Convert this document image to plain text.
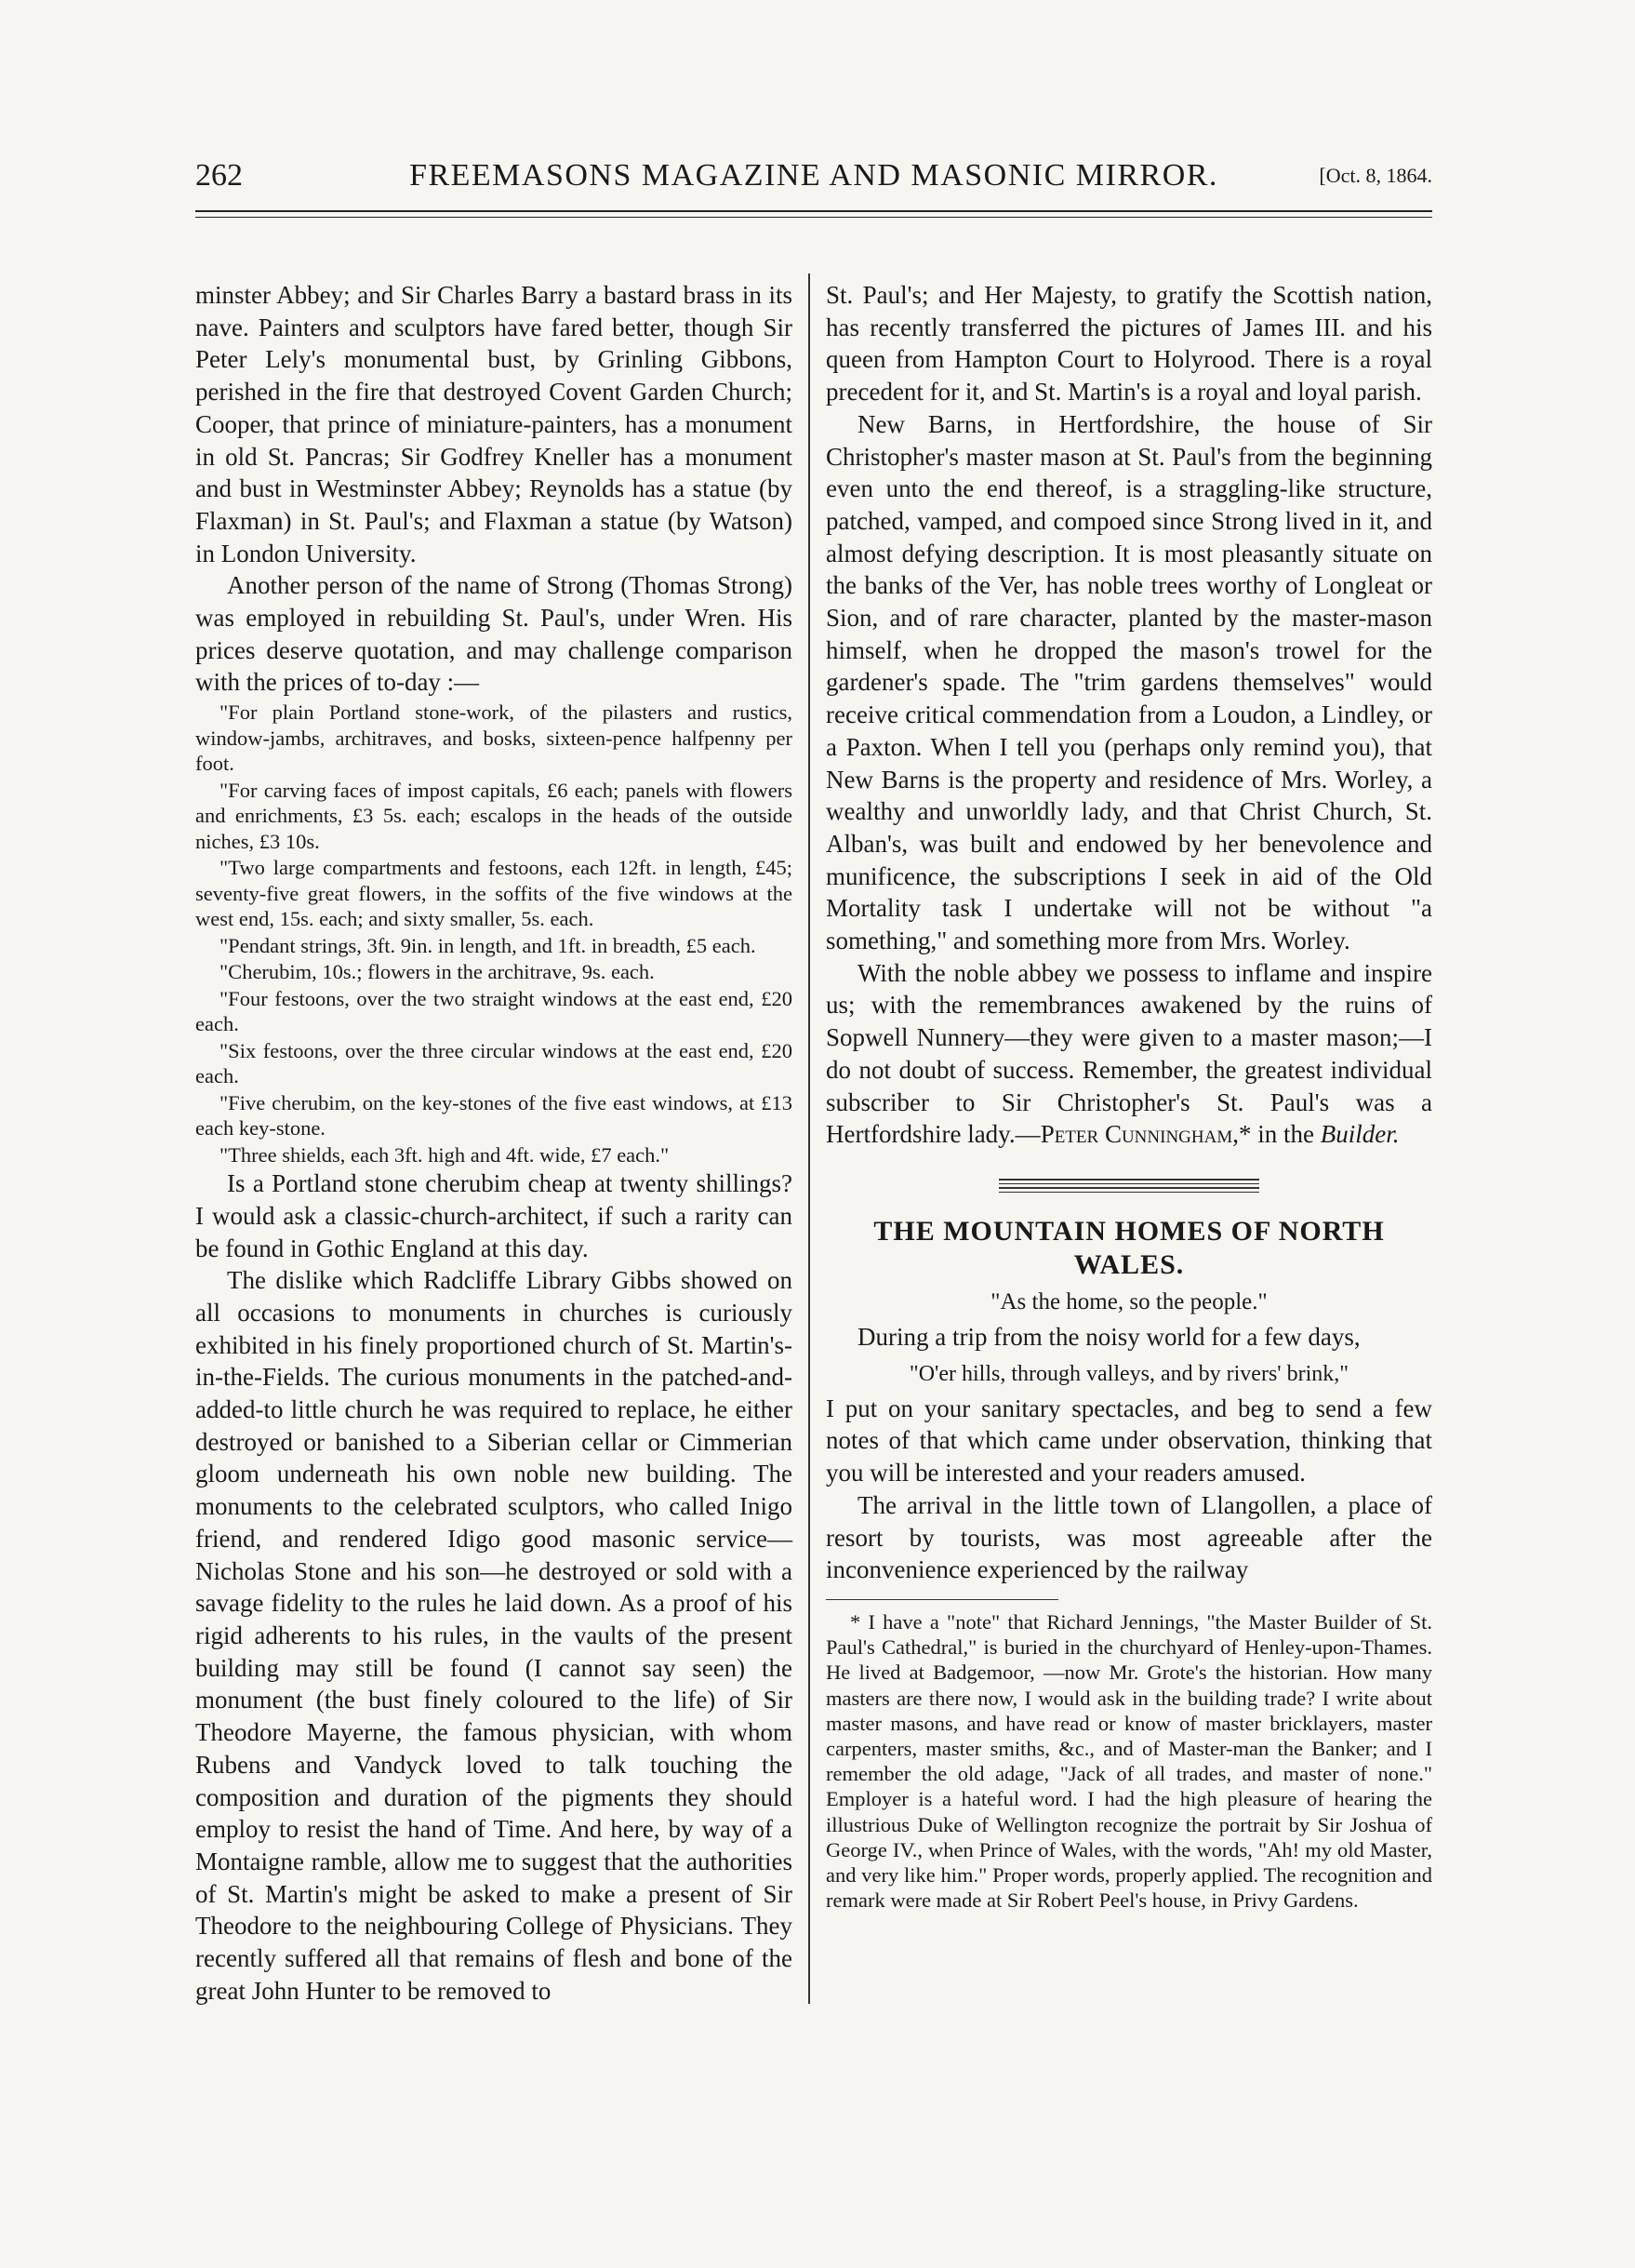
262	FREEMASONS MAGAZINE AND MASONIC MIRROR.	[Oct. 8, 1864.

minster Abbey; and Sir Charles Barry a bastard brass in its nave. Painters and sculptors have fared better, though Sir Peter Lely's monumental bust, by Grinling Gibbons, perished in the fire that destroyed Covent Garden Church; Cooper, that prince of miniature-painters, has a monument in old St. Pancras; Sir Godfrey Kneller has a monument and bust in Westminster Abbey; Reynolds has a statue (by Flaxman) in St. Paul's; and Flaxman a statue (by Watson) in London University.

Another person of the name of Strong (Thomas Strong) was employed in rebuilding St. Paul's, under Wren. His prices deserve quotation, and may challenge comparison with the prices of to-day :—

"For plain Portland stone-work, of the pilasters and rustics, window-jambs, architraves, and bosks, sixteen-pence halfpenny per foot.

"For carving faces of impost capitals, £6 each; panels with flowers and enrichments, £3 5s. each; escalops in the heads of the outside niches, £3 10s.

"Two large compartments and festoons, each 12ft. in length, £45; seventy-five great flowers, in the soffits of the five windows at the west end, 15s. each; and sixty smaller, 5s. each.

"Pendant strings, 3ft. 9in. in length, and 1ft. in breadth, £5 each.

"Cherubim, 10s.; flowers in the architrave, 9s. each.

"Four festoons, over the two straight windows at the east end, £20 each.

"Six festoons, over the three circular windows at the east end, £20 each.

"Five cherubim, on the key-stones of the five east windows, at £13 each key-stone.

"Three shields, each 3ft. high and 4ft. wide, £7 each."

Is a Portland stone cherubim cheap at twenty shillings? I would ask a classic-church-architect, if such a rarity can be found in Gothic England at this day.

The dislike which Radcliffe Library Gibbs showed on all occasions to monuments in churches is curiously exhibited in his finely proportioned church of St. Martin's-in-the-Fields. The curious monuments in the patched-and-added-to little church he was required to replace, he either destroyed or banished to a Siberian cellar or Cimmerian gloom underneath his own noble new building. The monuments to the celebrated sculptors, who called Inigo friend, and rendered Idigo good masonic service—Nicholas Stone and his son—he destroyed or sold with a savage fidelity to the rules he laid down. As a proof of his rigid adherents to his rules, in the vaults of the present building may still be found (I cannot say seen) the monument (the bust finely coloured to the life) of Sir Theodore Mayerne, the famous physician, with whom Rubens and Vandyck loved to talk touching the composition and duration of the pigments they should employ to resist the hand of Time. And here, by way of a Montaigne ramble, allow me to suggest that the authorities of St. Martin's might be asked to make a present of Sir Theodore to the neighbouring College of Physicians. They recently suffered all that remains of flesh and bone of the great John Hunter to be removed to

St. Paul's; and Her Majesty, to gratify the Scottish nation, has recently transferred the pictures of James III. and his queen from Hampton Court to Holyrood. There is a royal precedent for it, and St. Martin's is a royal and loyal parish.

New Barns, in Hertfordshire, the house of Sir Christopher's master mason at St. Paul's from the beginning even unto the end thereof, is a straggling-like structure, patched, vamped, and compoed since Strong lived in it, and almost defying description. It is most pleasantly situate on the banks of the Ver, has noble trees worthy of Longleat or Sion, and of rare character, planted by the master-mason himself, when he dropped the mason's trowel for the gardener's spade. The "trim gardens themselves" would receive critical commendation from a Loudon, a Lindley, or a Paxton. When I tell you (perhaps only remind you), that New Barns is the property and residence of Mrs. Worley, a wealthy and unworldly lady, and that Christ Church, St. Alban's, was built and endowed by her benevolence and munificence, the subscriptions I seek in aid of the Old Mortality task I undertake will not be without "a something," and something more from Mrs. Worley.

With the noble abbey we possess to inflame and inspire us; with the remembrances awakened by the ruins of Sopwell Nunnery—they were given to a master mason;—I do not doubt of success. Remember, the greatest individual subscriber to Sir Christopher's St. Paul's was a Hertfordshire lady.—Peter Cunningham,* in the Builder.

THE MOUNTAIN HOMES OF NORTH WALES.

"As the home, so the people."

During a trip from the noisy world for a few days,

"O'er hills, through valleys, and by rivers' brink,"

I put on your sanitary spectacles, and beg to send a few notes of that which came under observation, thinking that you will be interested and your readers amused.

The arrival in the little town of Llangollen, a place of resort by tourists, was most agreeable after the inconvenience experienced by the railway

* I have a "note" that Richard Jennings, "the Master Builder of St. Paul's Cathedral," is buried in the churchyard of Henley-upon-Thames. He lived at Badgemoor, —now Mr. Grote's the historian. How many masters are there now, I would ask in the building trade? I write about master masons, and have read or know of master bricklayers, master carpenters, master smiths, &c., and of Master-man the Banker; and I remember the old adage, "Jack of all trades, and master of none." Employer is a hateful word. I had the high pleasure of hearing the illustrious Duke of Wellington recognize the portrait by Sir Joshua of George IV., when Prince of Wales, with the words, "Ah! my old Master, and very like him." Proper words, properly applied. The recognition and remark were made at Sir Robert Peel's house, in Privy Gardens.
